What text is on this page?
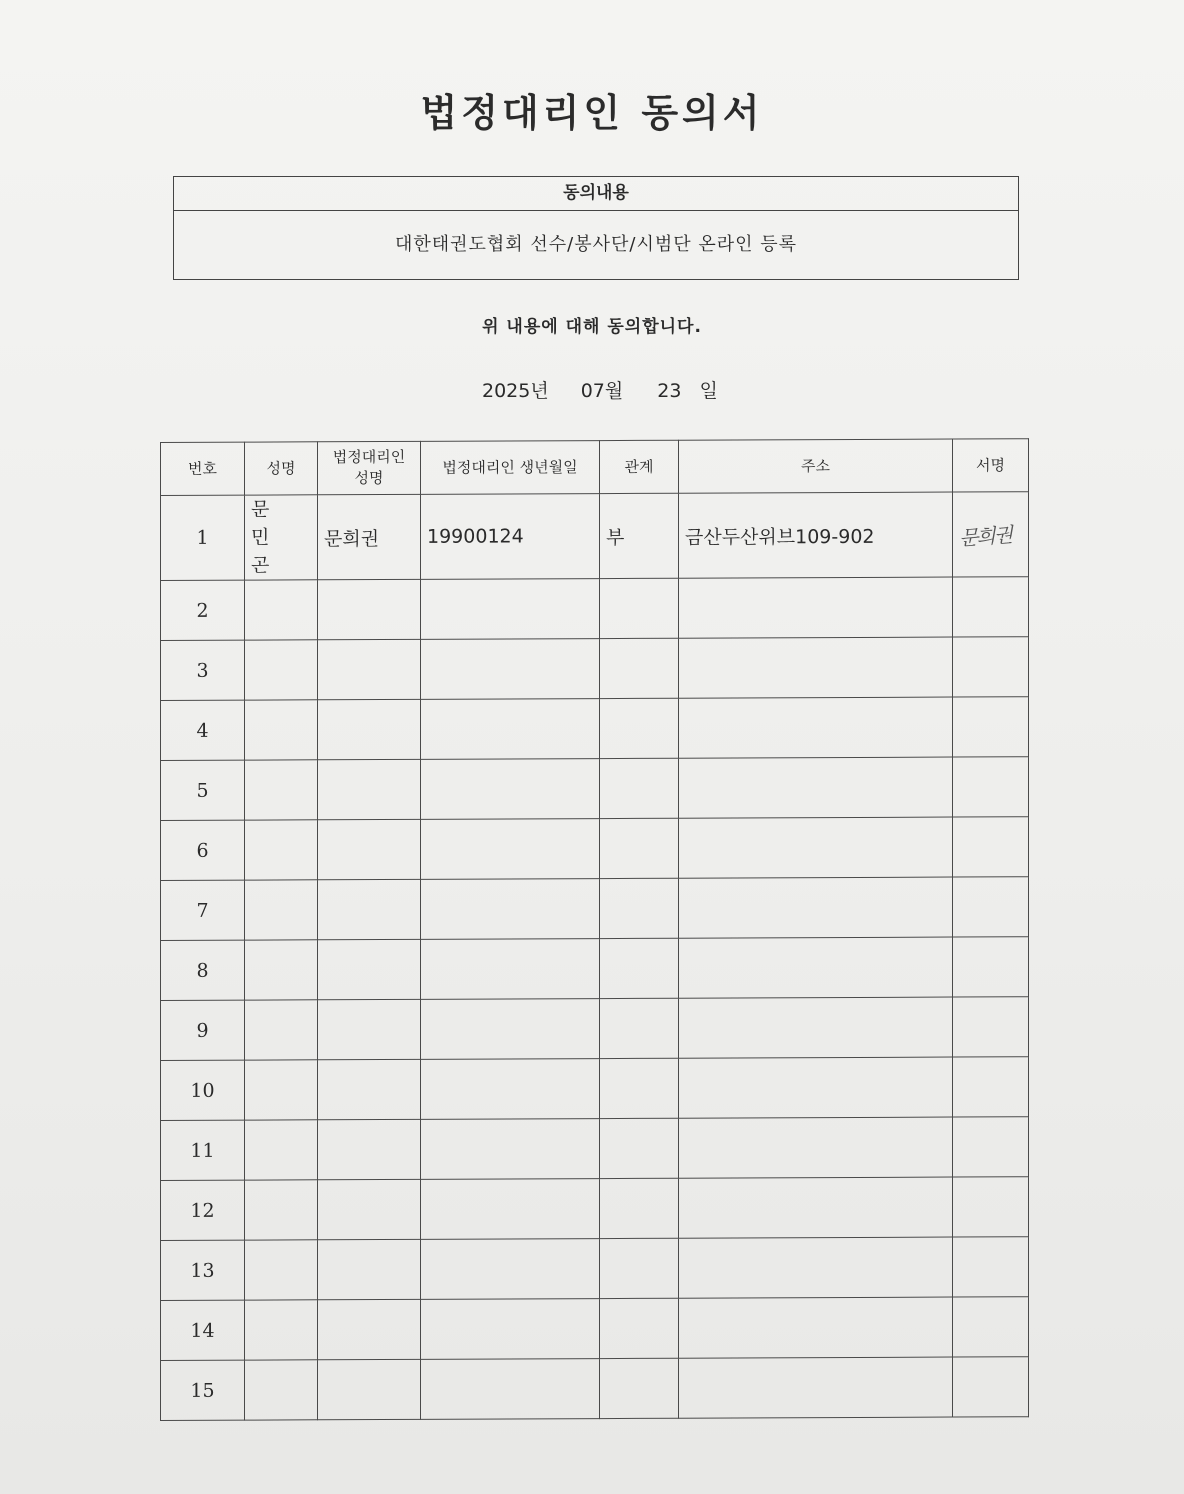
법정대리인 동의서
동의내용
대한태권도협회 선수/봉사단/시범단 온라인 등록
위 내용에 대해 동의합니다.
2025년 07월 23 일
번호	성명	법정대리인 성명	법정대리인 생년월일	관계	주소	서명
1	문 민 곤	문희권	19900124	부	금산두산위브109-902	문희권
2						
3						
4						
5						
6						
7						
8						
9						
10						
11						
12						
13						
14						
15						
